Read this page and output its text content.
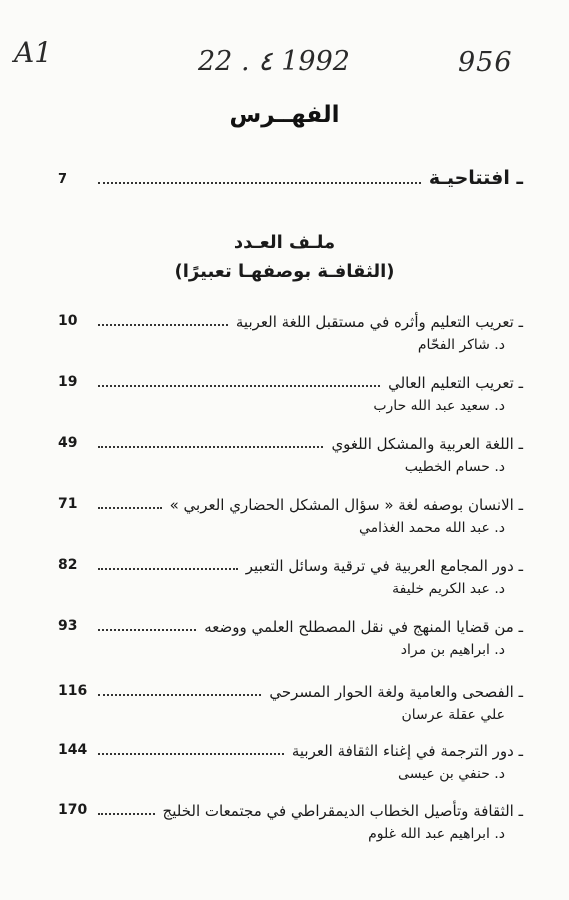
A1	22 . ٤ 1992	956
الفهــرس
ـ افتتاحيـة
7
ملـف العـدد
(الثقافـة بوصفهـا تعبيرًا)
ـ تعريب التعليم وأثره في مستقبل اللغة العربية
10
د. شاكر الفحّام
ـ تعريب التعليم العالي
19
د. سعيد عبد الله حارب
ـ اللغة العربية والمشكل اللغوي
49
د. حسام الخطيب
ـ الانسان بوصفه لغة « سؤال المشكل الحضاري العربي »
71
د. عبد الله محمد الغذامي
ـ دور المجامع العربية في ترقية وسائل التعبير
82
د. عبد الكريم خليفة
ـ من قضايا المنهج في نقل المصطلح العلمي ووضعه
93
د. ابراهيم بن مراد
ـ الفصحى والعامية ولغة الحوار المسرحي
116
علي عقلة عرسان
ـ دور الترجمة في إغناء الثقافة العربية
144
د. حنفي بن عيسى
ـ الثقافة وتأصيل الخطاب الديمقراطي في مجتمعات الخليج
170
د. ابراهيم عبد الله غلوم
